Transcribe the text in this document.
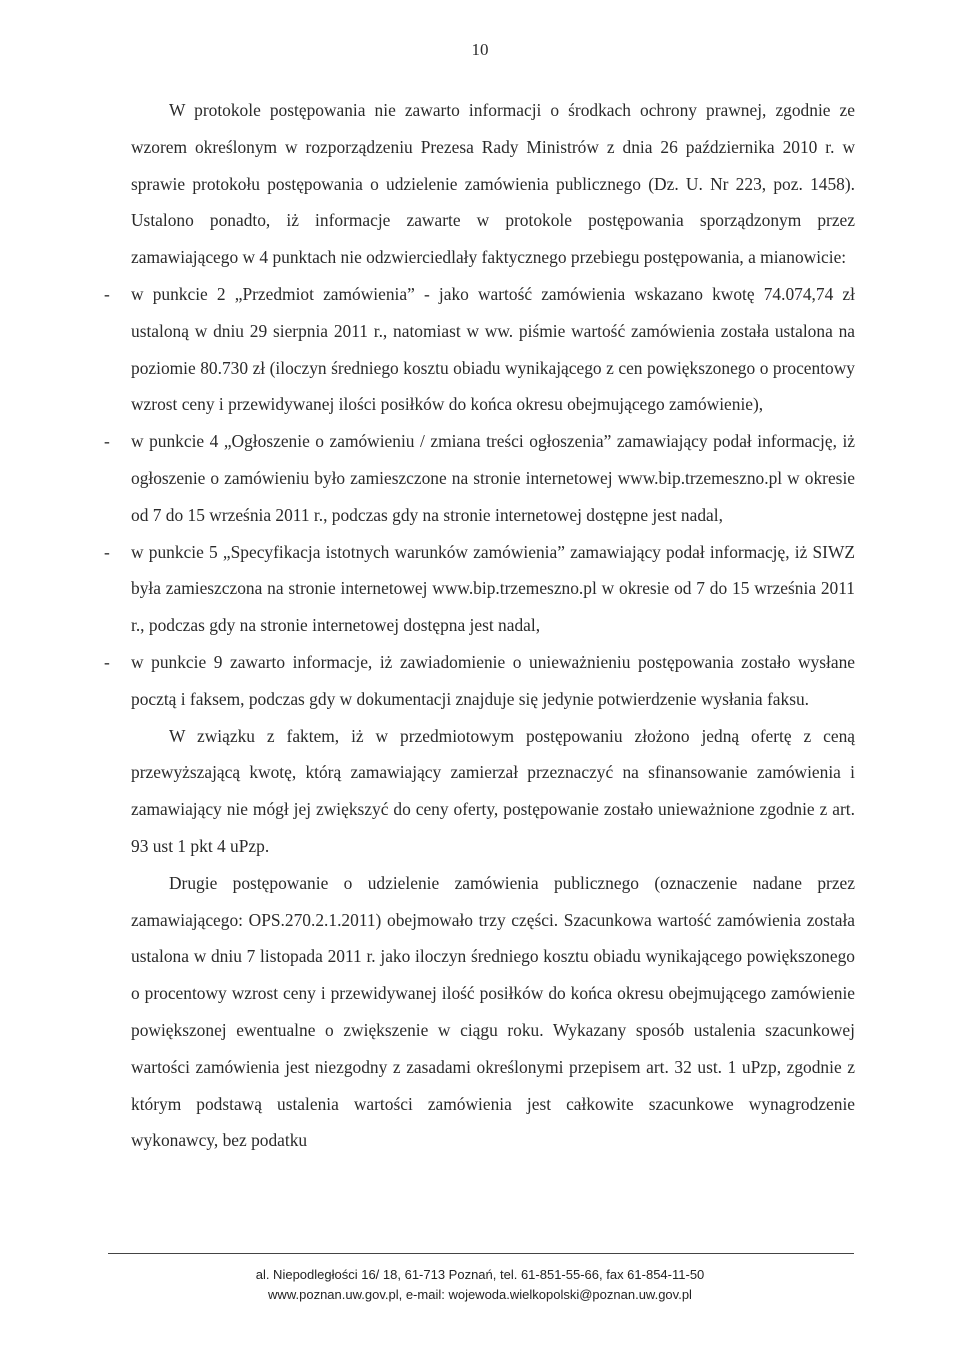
10

W protokole postępowania nie zawarto informacji o środkach ochrony prawnej, zgodnie ze wzorem określonym w rozporządzeniu Prezesa Rady Ministrów z dnia 26 października 2010 r. w sprawie protokołu postępowania o udzielenie zamówienia publicznego (Dz. U. Nr 223, poz. 1458). Ustalono ponadto, iż informacje zawarte w protokole postępowania sporządzonym przez zamawiającego w 4 punktach nie odzwierciedlały faktycznego przebiegu postępowania, a mianowicie:

- w punkcie 2 „Przedmiot zamówienia” - jako wartość zamówienia wskazano kwotę 74.074,74 zł ustaloną w dniu 29 sierpnia 2011 r., natomiast w ww. piśmie wartość zamówienia została ustalona na poziomie 80.730 zł (iloczyn średniego kosztu obiadu wynikającego z cen powiększonego o procentowy wzrost ceny i przewidywanej ilości posiłków do końca okresu obejmującego zamówienie),

- w punkcie 4 „Ogłoszenie o zamówieniu / zmiana treści ogłoszenia” zamawiający podał informację, iż ogłoszenie o zamówieniu było zamieszczone na stronie internetowej www.bip.trzemeszno.pl w okresie od 7 do 15 września 2011 r., podczas gdy na stronie internetowej dostępne jest nadal,

- w punkcie 5 „Specyfikacja istotnych warunków zamówienia” zamawiający podał informację, iż SIWZ była zamieszczona na stronie internetowej www.bip.trzemeszno.pl w okresie od 7 do 15 września 2011 r., podczas gdy na stronie internetowej dostępna jest nadal,

- w punkcie 9 zawarto informacje, iż zawiadomienie o unieważnieniu postępowania zostało wysłane pocztą i faksem, podczas gdy w dokumentacji znajduje się jedynie potwierdzenie wysłania faksu.

W związku z faktem, iż w przedmiotowym postępowaniu złożono jedną ofertę z ceną przewyższającą kwotę, którą zamawiający zamierzał przeznaczyć na sfinansowanie zamówienia i zamawiający nie mógł jej zwiększyć do ceny oferty, postępowanie zostało unieważnione zgodnie z art. 93 ust 1 pkt 4 uPzp.

Drugie postępowanie o udzielenie zamówienia publicznego (oznaczenie nadane przez zamawiającego: OPS.270.2.1.2011) obejmowało trzy części. Szacunkowa wartość zamówienia została ustalona w dniu 7 listopada 2011 r. jako iloczyn średniego kosztu obiadu wynikającego powiększonego o procentowy wzrost ceny i przewidywanej ilość posiłków do końca okresu obejmującego zamówienie powiększonej ewentualne o zwiększenie w ciągu roku. Wykazany sposób ustalenia szacunkowej wartości zamówienia jest niezgodny z zasadami określonymi przepisem art. 32 ust. 1 uPzp, zgodnie z którym podstawą ustalenia wartości zamówienia jest całkowite szacunkowe wynagrodzenie wykonawcy, bez podatku

al. Niepodległości 16/ 18, 61-713 Poznań, tel. 61-851-55-66, fax 61-854-11-50
www.poznan.uw.gov.pl, e-mail: wojewoda.wielkopolski@poznan.uw.gov.pl
